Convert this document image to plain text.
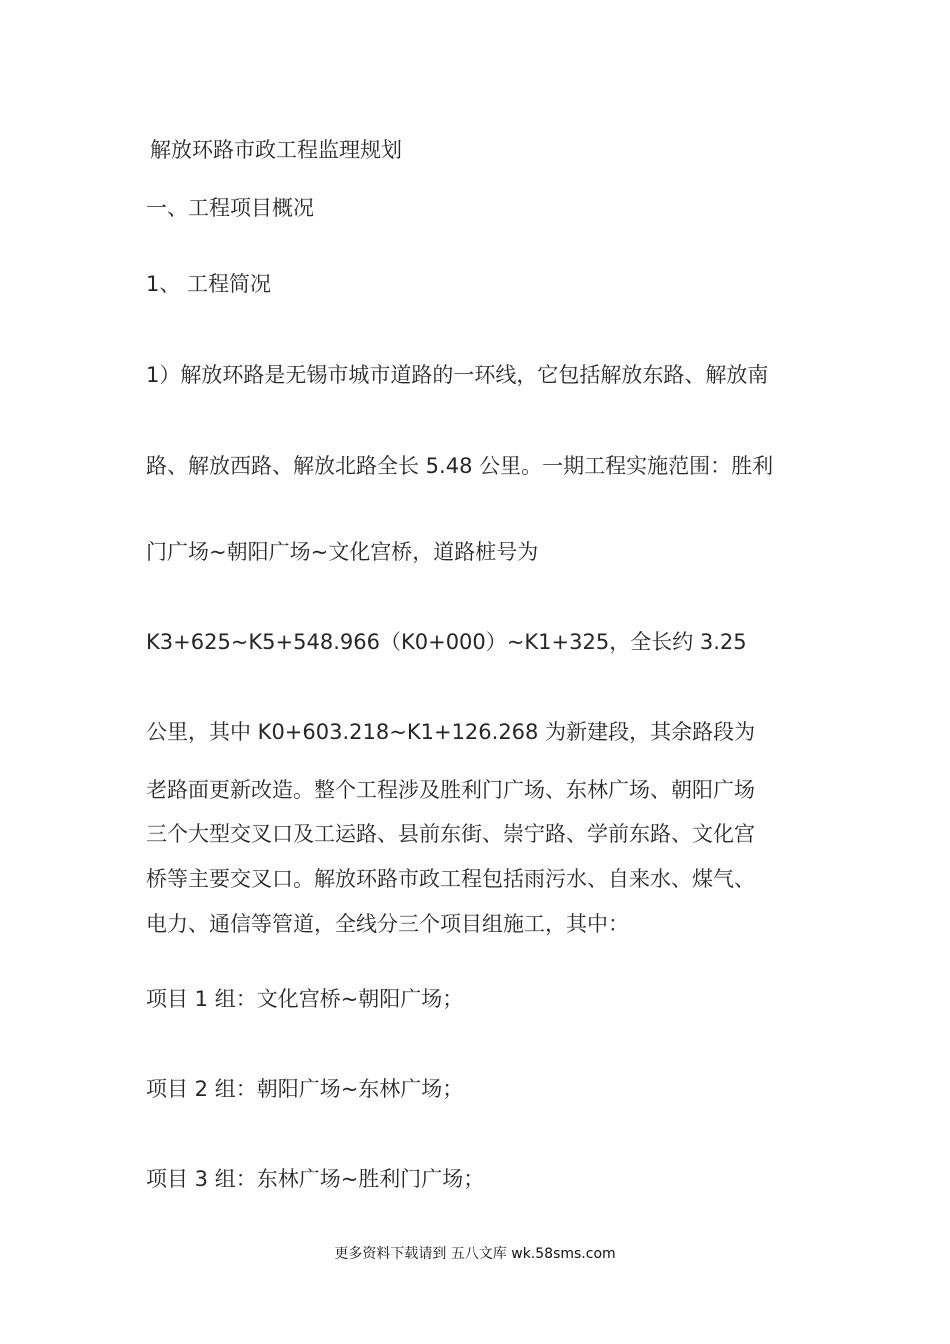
解放环路市政工程监理规划

一、工程项目概况

1、 工程简况

1）解放环路是无锡市城市道路的一环线，它包括解放东路、解放南

路、解放西路、解放北路全长 5.48 公里。一期工程实施范围：胜利

门广场~朝阳广场~文化宫桥，道路桩号为

K3+625~K5+548.966（K0+000）~K1+325，全长约 3.25

公里，其中 K0+603.218~K1+126.268 为新建段，其余路段为

老路面更新改造。整个工程涉及胜利门广场、东林广场、朝阳广场

三个大型交叉口及工运路、县前东街、崇宁路、学前东路、文化宫

桥等主要交叉口。解放环路市政工程包括雨污水、自来水、煤气、

电力、通信等管道，全线分三个项目组施工，其中：

项目 1 组：文化宫桥~朝阳广场；

项目 2 组：朝阳广场~东林广场；

项目 3 组：东林广场~胜利门广场；

更多资料下载请到 五八文库 wk.58sms.com
